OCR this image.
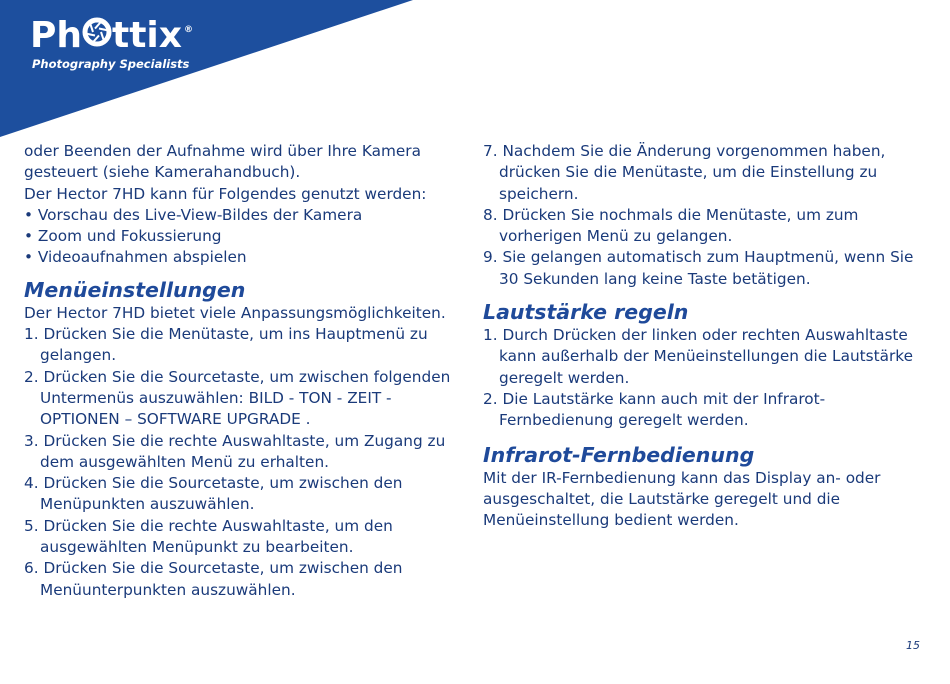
Ph ttix ®
Photography Specialists

oder Beenden der Aufnahme wird über Ihre Kamera

gesteuert (siehe Kamerahandbuch).

Der Hector 7HD kann für Folgendes genutzt werden:

• Vorschau des Live-View-Bildes der Kamera

• Zoom und Fokussierung

• Videoaufnahmen abspielen

Menüeinstellungen

Der Hector 7HD bietet viele Anpassungsmöglichkeiten.

1. Drücken Sie die Menütaste, um ins Hauptmenü zu gelangen.

2. Drücken Sie die Sourcetaste, um zwischen folgenden Untermenüs auszuwählen: BILD - TON - ZEIT - OPTIONEN – SOFTWARE UPGRADE .

3. Drücken Sie die rechte Auswahltaste, um Zugang zu dem ausgewählten Menü zu erhalten.

4. Drücken Sie die Sourcetaste, um zwischen den Menüpunkten auszuwählen.

5. Drücken Sie die rechte Auswahltaste, um den ausgewählten Menüpunkt zu bearbeiten.

6. Drücken Sie die Sourcetaste, um zwischen den Menüunterpunkten auszuwählen.

7. Nachdem Sie die Änderung vorgenommen haben, drücken Sie die Menütaste, um die Einstellung zu speichern.

8. Drücken Sie nochmals die Menütaste, um zum vorherigen Menü zu gelangen.

9. Sie gelangen automatisch zum Hauptmenü, wenn Sie 30 Sekunden lang keine Taste betätigen.

Lautstärke regeln

1. Durch Drücken der linken oder rechten Auswahltaste kann außerhalb der Menüeinstellungen die Lautstärke geregelt werden.

2. Die Lautstärke kann auch mit der Infrarot-Fernbedienung geregelt werden.

Infrarot-Fernbedienung

Mit der IR-Fernbedienung kann das Display an- oder ausgeschaltet, die Lautstärke geregelt und die Menüeinstellung bedient werden.

15
